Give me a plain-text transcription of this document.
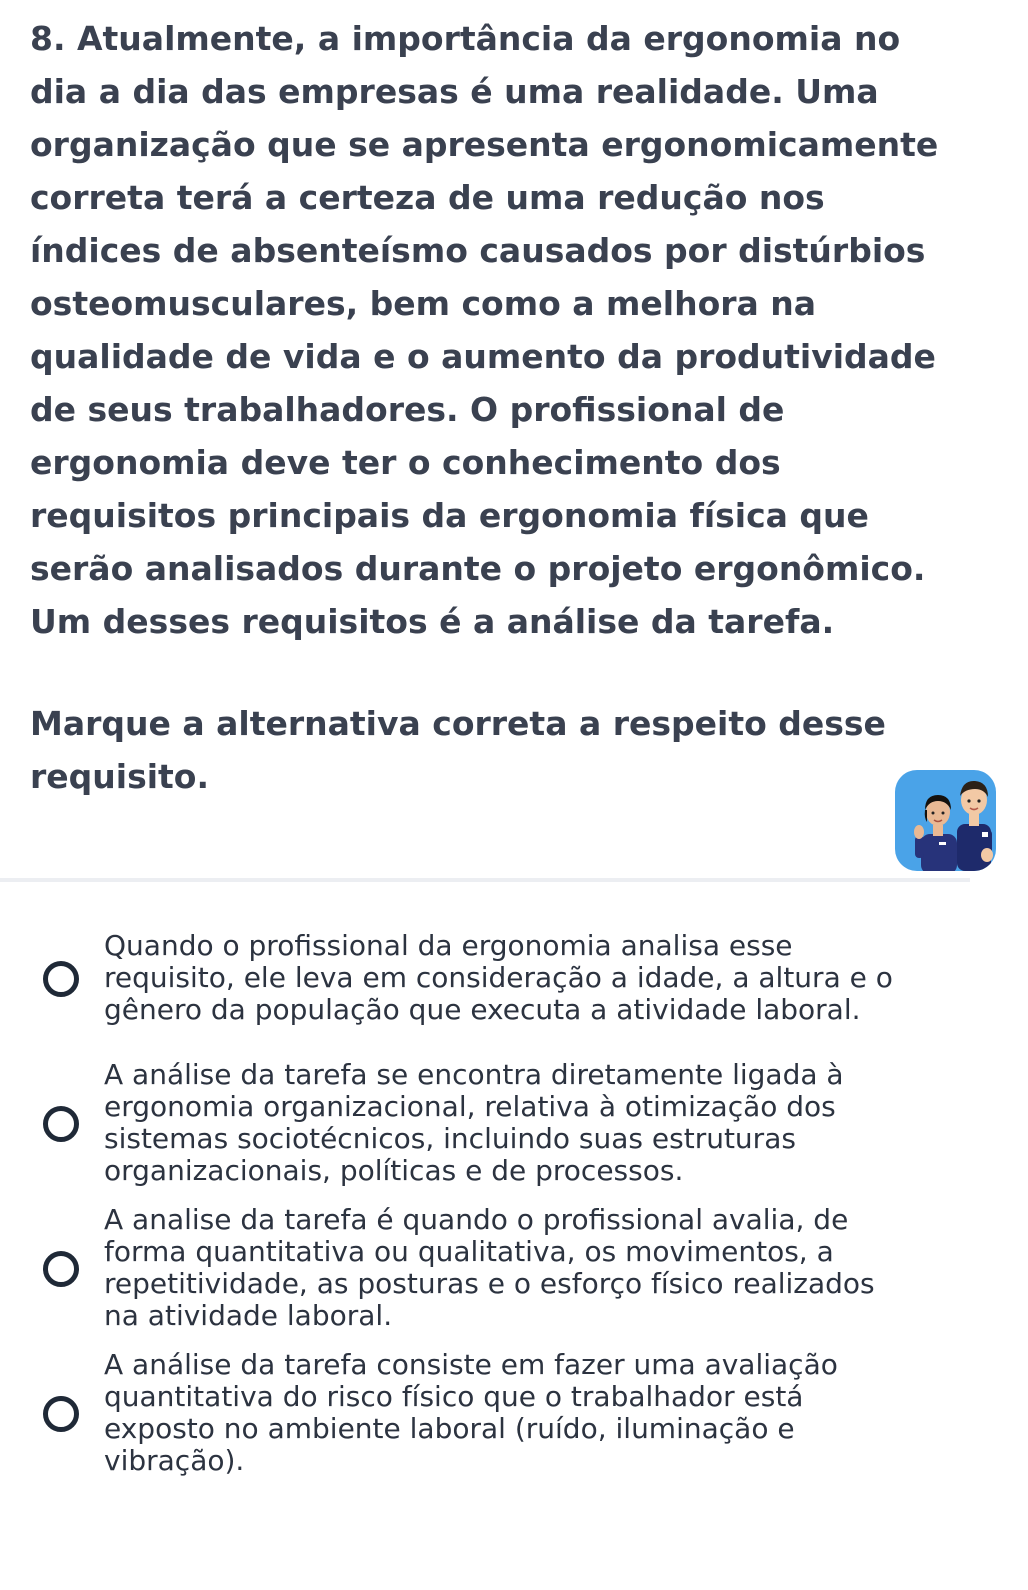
8. Atualmente, a importância da ergonomia no dia a dia das empresas é uma realidade. Uma organização que se apresenta ergonomicamente correta terá a certeza de uma redução nos índices de absenteísmo causados por distúrbios osteomusculares, bem como a melhora na qualidade de vida e o aumento da produtividade de seus trabalhadores. O profissional de ergonomia deve ter o conhecimento dos requisitos principais da ergonomia física que serão analisados durante o projeto ergonômico. Um desses requisitos é a análise da tarefa.

Marque a alternativa correta a respeito desse requisito.

Quando o profissional da ergonomia analisa esse requisito, ele leva em consideração a idade, a altura e o gênero da população que executa a atividade laboral.
A análise da tarefa se encontra diretamente ligada à ergonomia organizacional, relativa à otimização dos sistemas sociotécnicos, incluindo suas estruturas organizacionais, políticas e de processos.
A analise da tarefa é quando o profissional avalia, de forma quantitativa ou qualitativa, os movimentos, a repetitividade, as posturas e o esforço físico realizados na atividade laboral.
A análise da tarefa consiste em fazer uma avaliação quantitativa do risco físico que o trabalhador está exposto no ambiente laboral (ruído, iluminação e vibração).
